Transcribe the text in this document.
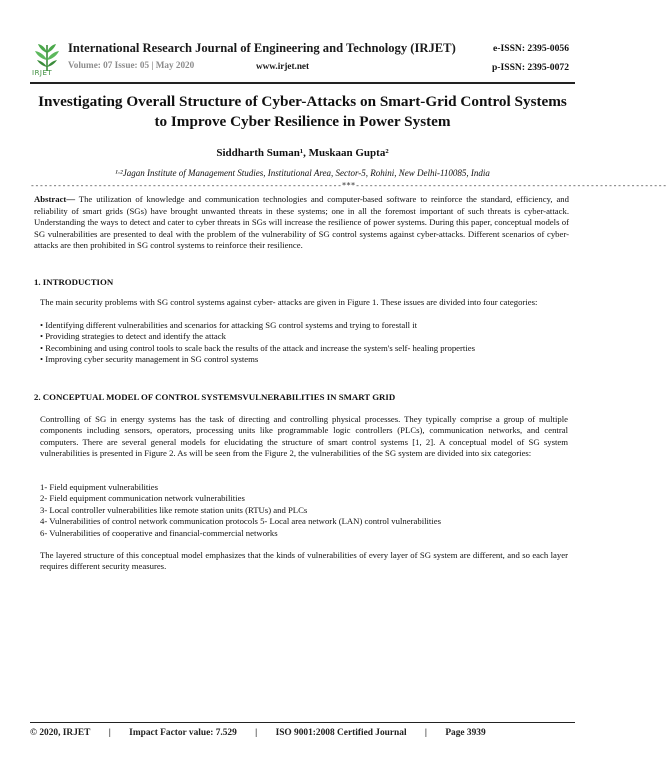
IRJET
International Research Journal of Engineering and Technology (IRJET)
Volume: 07 Issue: 05 | May 2020	www.irjet.net
e-ISSN: 2395-0056
p-ISSN: 2395-0072
Investigating Overall Structure of Cyber-Attacks on Smart-Grid Control Systems to Improve Cyber Resilience in Power System
Siddharth Suman¹, Muskaan Gupta²
¹·²Jagan Institute of Management Studies, Institutional Area, Sector-5, Rohini, New Delhi-110085, India
---------------------------------------------------------------------***---------------------------------------------------------------------
Abstract— The utilization of knowledge and communication technologies and computer-based software to reinforce the standard, efficiency, and reliability of smart grids (SGs) have brought unwanted threats in these systems; one in all the foremost important of such threats is cyber-attack. Understanding the ways to detect and cater to cyber threats in SGs will increase the resilience of power systems. During this paper, conceptual models of SG vulnerabilities are presented to deal with the problem of the vulnerability of SG control systems against cyber-attacks. Different scenarios of cyber-attacks are then prohibited in SG control systems to reinforce their resilience.
1. INTRODUCTION
The main security problems with SG control systems against cyber- attacks are given in Figure 1. These issues are divided into four categories:
• Identifying different vulnerabilities and scenarios for attacking SG control systems and trying to forestall it
• Providing strategies to detect and identify the attack
• Recombining and using control tools to scale back the results of the attack and increase the system's self- healing properties
• Improving cyber security management in SG control systems
2. CONCEPTUAL MODEL OF CONTROL SYSTEMSVULNERABILITIES IN SMART GRID
Controlling of SG in energy systems has the task of directing and controlling physical processes. They typically comprise a group of multiple components including sensors, operators, processing units like programmable logic controllers (PLCs), communication networks, and central computers. There are several general models for elucidating the structure of smart control systems [1, 2]. A conceptual model of SG system vulnerabilities is presented in Figure 2. As will be seen from the Figure 2, the vulnerabilities of the SG system are divided into six categories:
1- Field equipment vulnerabilities
2- Field equipment communication network vulnerabilities
3- Local controller vulnerabilities like remote station units (RTUs) and PLCs
4- Vulnerabilities of control network communication protocols 5- Local area network (LAN) control vulnerabilities
6- Vulnerabilities of cooperative and financial-commercial networks
The layered structure of this conceptual model emphasizes that the kinds of vulnerabilities of every layer of SG system are different, and so each layer requires different security measures.
© 2020, IRJET | Impact Factor value: 7.529 | ISO 9001:2008 Certified Journal | Page 3939
